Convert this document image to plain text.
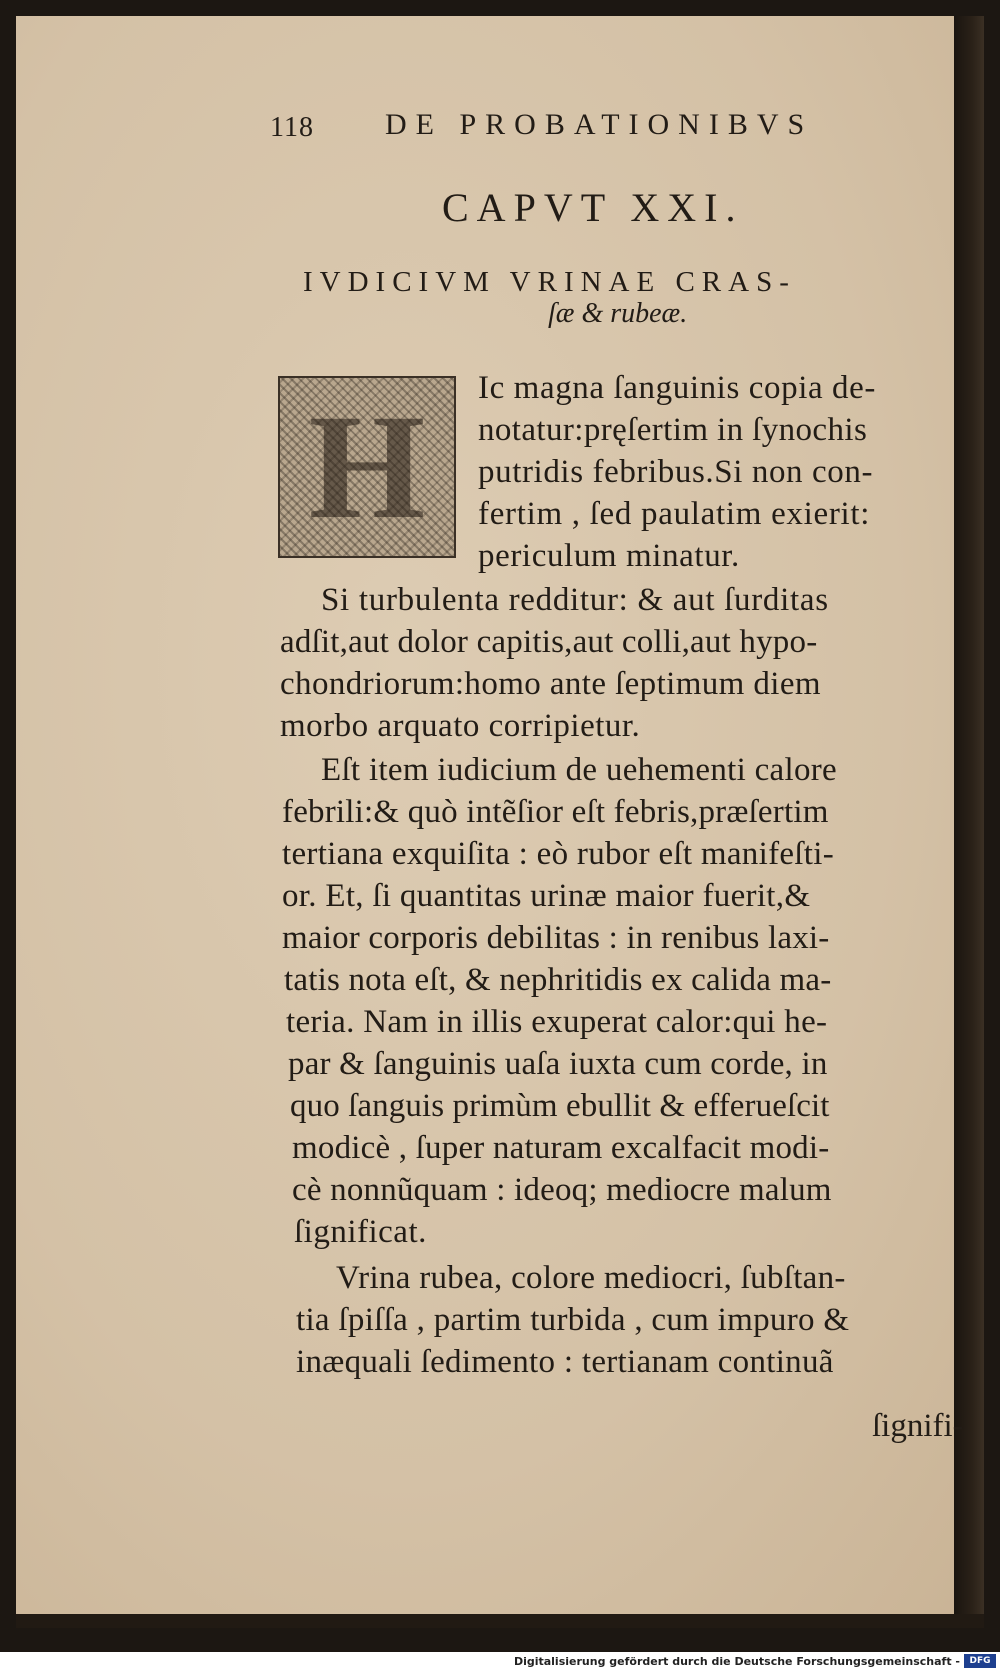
118 DE PROBATIONIBVS
CAPVT XXI.
IVDICIVM VRINAE CRAS-
ſæ & rubeæ.
H	Ic magna ſanguinis copia de-
notatur:pręſertim in ſynochis
putridis febribus.Si non con-
fertim , ſed paulatim exierit:
periculum minatur.
Si turbulenta redditur: & aut ſurditas
adſit,aut dolor capitis,aut colli,aut hypo-
chondriorum:homo ante ſeptimum diem
morbo arquato corripietur.
Eſt item iudicium de uehementi calore
febrili:& quò intẽſior eſt febris,præſertim
tertiana exquiſita : eò rubor eſt manifeſti-
or. Et, ſi quantitas urinæ maior fuerit,&
maior corporis debilitas : in renibus laxi-
tatis nota eſt, & nephritidis ex calida ma-
teria. Nam in illis exuperat calor:qui he-
par & ſanguinis uaſa iuxta cum corde, in
quo ſanguis primùm ebullit & efferueſcit
modicè , ſuper naturam excalfacit modi-
cè nonnũquam : ideoq; mediocre malum
ſignificat.
Vrina rubea, colore mediocri, ſubſtan-
tia ſpiſſa , partim turbida , cum impuro &
inæquali ſedimento : tertianam continuã
ſignifi-
Digitalisierung gefördert durch die Deutsche Forschungsgemeinschaft -	DFG
